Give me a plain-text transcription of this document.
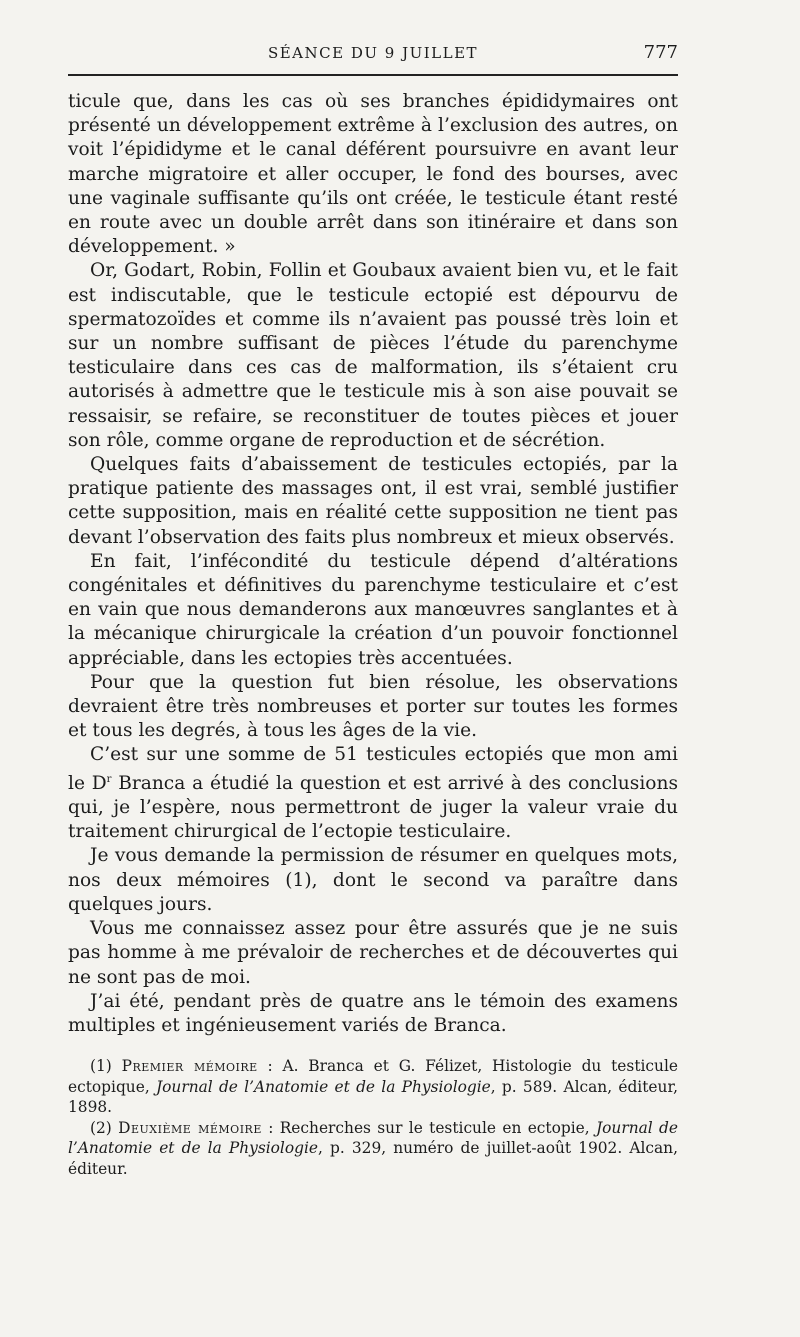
SÉANCE DU 9 JUILLET	777

ticule que, dans les cas où ses branches épididymaires ont présenté un développement extrême à l’exclusion des autres, on voit l’épididyme et le canal déférent poursuivre en avant leur marche migratoire et aller occuper, le fond des bourses, avec une vaginale suffisante qu’ils ont créée, le testicule étant resté en route avec un double arrêt dans son itinéraire et dans son développement. »

Or, Godart, Robin, Follin et Goubaux avaient bien vu, et le fait est indiscutable, que le testicule ectopié est dépourvu de spermatozoïdes et comme ils n’avaient pas poussé très loin et sur un nombre suffisant de pièces l’étude du parenchyme testiculaire dans ces cas de malformation, ils s’étaient cru autorisés à admettre que le testicule mis à son aise pouvait se ressaisir, se refaire, se reconstituer de toutes pièces et jouer son rôle, comme organe de reproduction et de sécrétion.

Quelques faits d’abaissement de testicules ectopiés, par la pratique patiente des massages ont, il est vrai, semblé justifier cette supposition, mais en réalité cette supposition ne tient pas devant l’observation des faits plus nombreux et mieux observés.

En fait, l’infécondité du testicule dépend d’altérations congénitales et définitives du parenchyme testiculaire et c’est en vain que nous demanderons aux manœuvres sanglantes et à la mécanique chirurgicale la création d’un pouvoir fonctionnel appréciable, dans les ectopies très accentuées.

Pour que la question fut bien résolue, les observations devraient être très nombreuses et porter sur toutes les formes et tous les degrés, à tous les âges de la vie.

C’est sur une somme de 51 testicules ectopiés que mon ami le $D^r$ Branca a étudié la question et est arrivé à des conclusions qui, je l’espère, nous permettront de juger la valeur vraie du traitement chirurgical de l’ectopie testiculaire.

Je vous demande la permission de résumer en quelques mots, nos deux mémoires (1), dont le second va paraître dans quelques jours.

Vous me connaissez assez pour être assurés que je ne suis pas homme à me prévaloir de recherches et de découvertes qui ne sont pas de moi.

J’ai été, pendant près de quatre ans le témoin des examens multiples et ingénieusement variés de Branca.

(1) Premier mémoire : A. Branca et G. Félizet, Histologie du testicule ectopique, Journal de l’Anatomie et de la Physiologie, p. 589. Alcan, éditeur, 1898.

(2) Deuxième mémoire : Recherches sur le testicule en ectopie, Journal de l’Anatomie et de la Physiologie, p. 329, numéro de juillet-août 1902. Alcan, éditeur.
